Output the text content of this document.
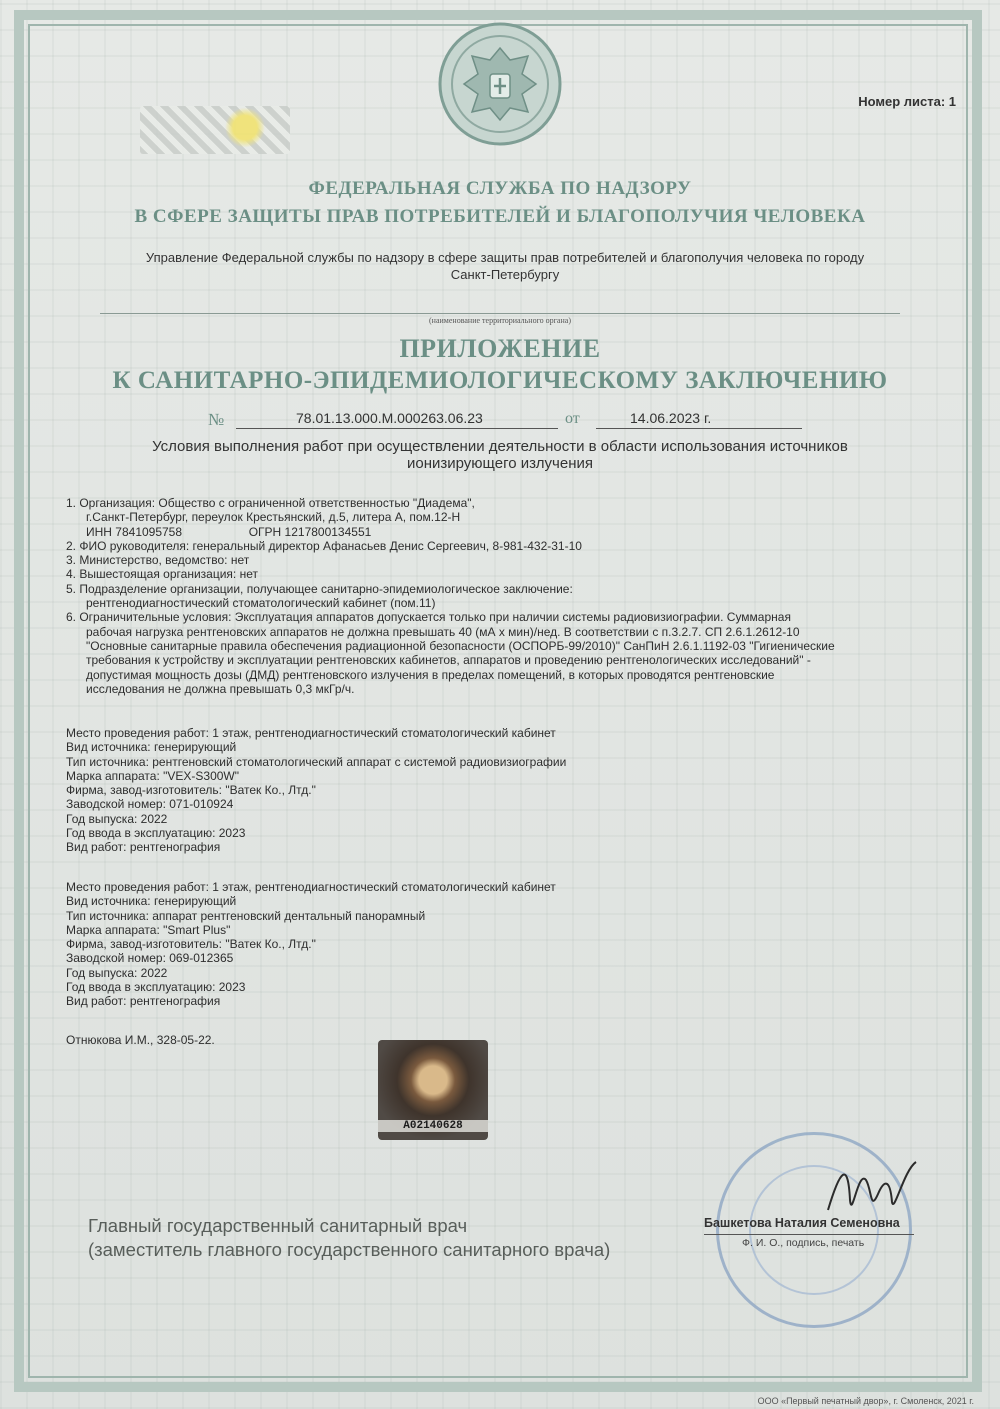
Номер листа: 1
ФЕДЕРАЛЬНАЯ СЛУЖБА ПО НАДЗОРУ
В СФЕРЕ ЗАЩИТЫ ПРАВ ПОТРЕБИТЕЛЕЙ И БЛАГОПОЛУЧИЯ ЧЕЛОВЕКА
Управление Федеральной службы по надзору в сфере защиты прав потребителей и благополучия человека по городу
Санкт-Петербургу
(наименование территориального органа)
ПРИЛОЖЕНИЕ
К САНИТАРНО-ЭПИДЕМИОЛОГИЧЕСКОМУ ЗАКЛЮЧЕНИЮ
№	78.01.13.000.М.000263.06.23	от	14.06.2023 г.
Условия выполнения работ при осуществлении деятельности в области использования источников
ионизирующего излучения
1. Организация: Общество с ограниченной ответственностью "Диадема",
г.Санкт-Петербург, переулок Крестьянский, д.5, литера А, пом.12-Н
ИНН 7841095758                    ОГРН 1217800134551
2. ФИО руководителя: генеральный директор Афанасьев Денис Сергеевич, 8-981-432-31-10
3. Министерство, ведомство: нет
4. Вышестоящая организация: нет
5. Подразделение организации, получающее санитарно-эпидемиологическое заключение:
рентгенодиагностический стоматологический кабинет (пом.11)
6. Ограничительные условия: Эксплуатация аппаратов допускается только при наличии системы радиовизиографии. Суммарная
рабочая нагрузка рентгеновских аппаратов не должна превышать 40 (мА х мин)/нед. В соответствии с п.3.2.7. СП 2.6.1.2612-10
"Основные санитарные правила обеспечения радиационной безопасности (ОСПОРБ-99/2010)" СанПиН 2.6.1.1192-03 "Гигиенические
требования к устройству и эксплуатации рентгеновских кабинетов, аппаратов и проведению рентгенологических исследований" -
допустимая мощность дозы (ДМД) рентгеновского излучения в пределах помещений, в которых проводятся рентгеновские
исследования не должна превышать 0,3 мкГр/ч.
Место проведения работ: 1 этаж, рентгенодиагностический стоматологический кабинет
Вид источника: генерирующий
Тип источника: рентгеновский стоматологический аппарат с системой радиовизиографии
Марка аппарата: "VEX-S300W"
Фирма, завод-изготовитель: "Ватек Ко., Лтд."
Заводской номер: 071-010924
Год выпуска: 2022
Год ввода в эксплуатацию: 2023
Вид работ: рентгенография
Место проведения работ: 1 этаж, рентгенодиагностический стоматологический кабинет
Вид источника: генерирующий
Тип источника: аппарат рентгеновский дентальный панорамный
Марка аппарата: "Smart Plus"
Фирма, завод-изготовитель: "Ватек Ко., Лтд."
Заводской номер: 069-012365
Год выпуска: 2022
Год ввода в эксплуатацию: 2023
Вид работ: рентгенография
Отнюкова И.М., 328-05-22.
A02140628
Главный государственный санитарный врач
(заместитель главного государственного санитарного врача)
Башкетова Наталия Семеновна
Ф. И. О., подпись, печать
ООО «Первый печатный двор», г. Смоленск, 2021 г.
